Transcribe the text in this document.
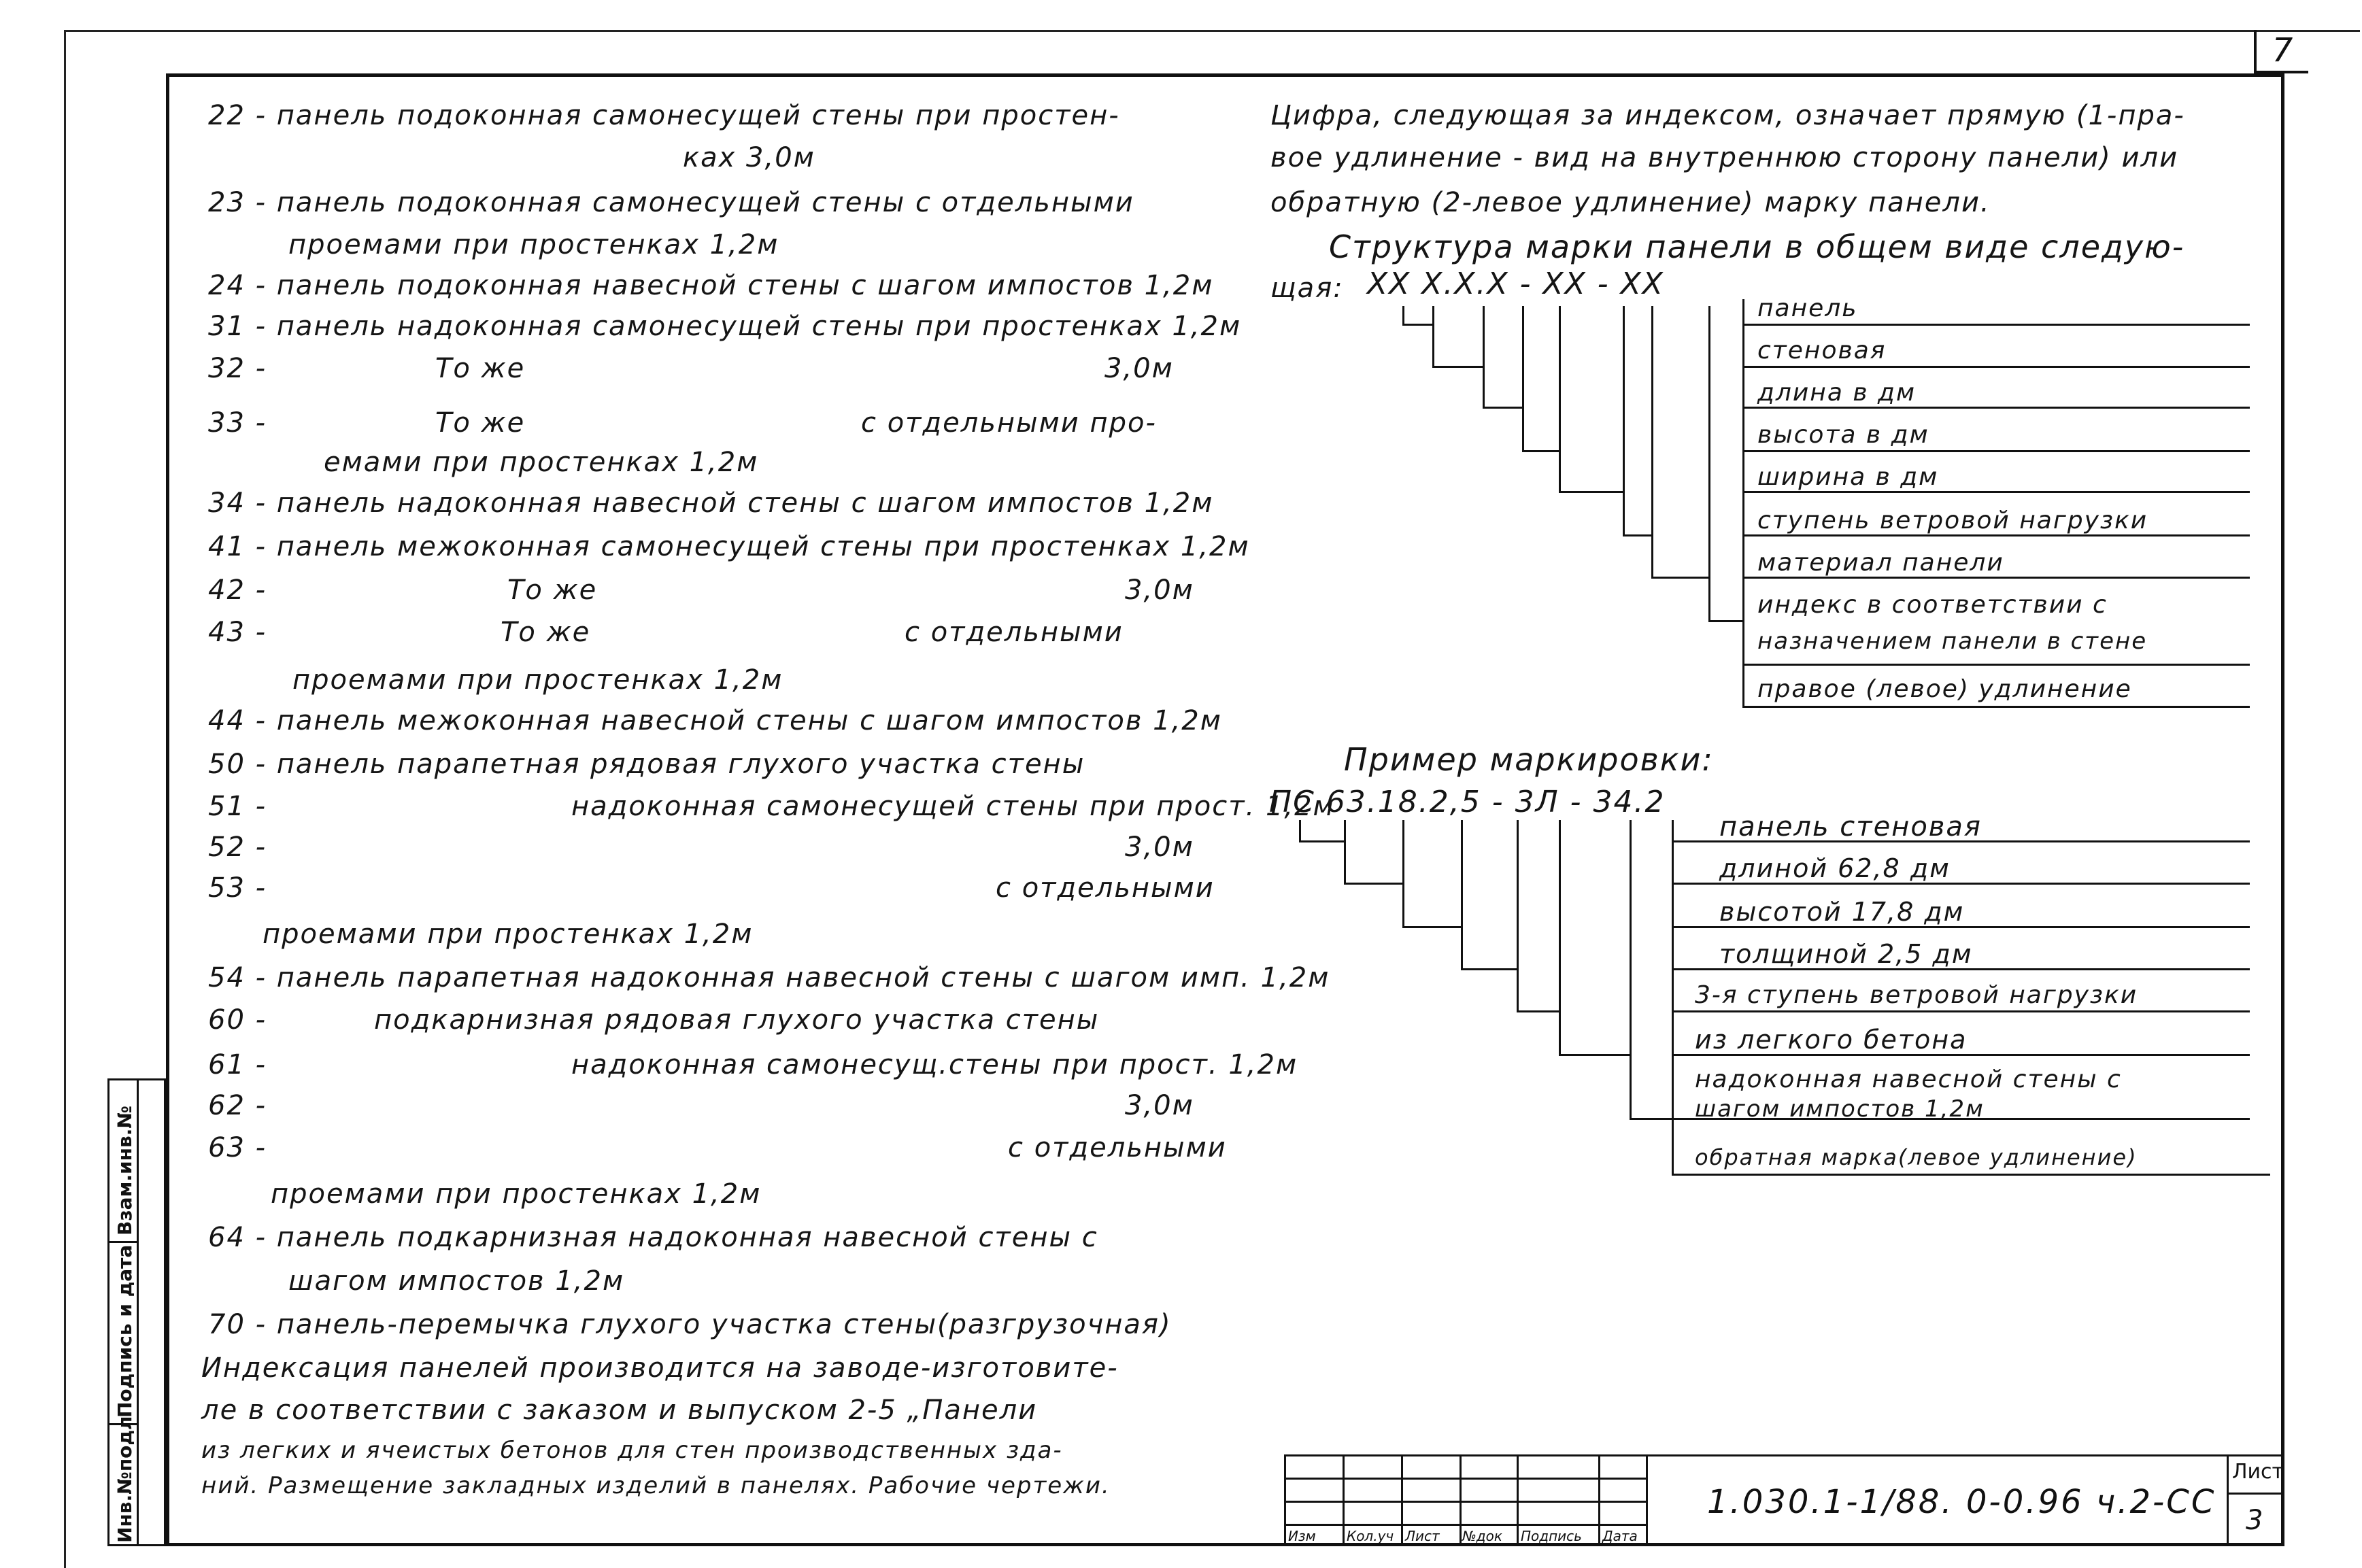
7
Инв.№подл
Подпись и дата
Взам.инв.№
22 - панель подоконная самонесущей стены при простен-
ках 3,0м
23 - панель подоконная самонесущей стены с отдельными
проемами при простенках 1,2м
24 - панель подоконная навесной стены с шагом импостов 1,2м
31 - панель надоконная самонесущей стены при простенках 1,2м
32 -	То же	3,0м
33 -	То же	с отдельными про-
емами при простенках 1,2м
34 - панель надоконная навесной стены с шагом импостов 1,2м
41 - панель межоконная самонесущей стены при простенках 1,2м
42 -	То же	3,0м
43 -	То же	с отдельными
проемами при простенках 1,2м
44 - панель межоконная навесной стены с шагом импостов 1,2м
50 - панель парапетная рядовая глухого участка стены
51 -	надоконная самонесущей стены при прост. 1,2м
52 -	3,0м
53 -	с отдельными
проемами при простенках 1,2м
54 - панель парапетная надоконная навесной стены с шагом имп. 1,2м
60 -	подкарнизная рядовая глухого участка стены
61 -	надоконная самонесущ.стены при прост. 1,2м
62 -	3,0м
63 -	с отдельными
проемами при простенках 1,2м
64 - панель подкарнизная надоконная навесной стены с
шагом импостов 1,2м
70 - панель-перемычка глухого участка стены(разгрузочная)
Индексация панелей производится на заводе-изготовите-
ле в соответствии с заказом и выпуском 2-5 „Панели
из легких и ячеистых бетонов для стен производственных зда-
ний. Размещение закладных изделий в панелях. Рабочие чертежи.
Цифра, следующая за индексом, означает прямую (1-пра-
вое удлинение - вид на внутреннюю сторону панели) или
обратную (2-левое удлинение) марку панели.
Структура марки панели в общем виде следую-
щая: XX X.X.X - XX - XX
панель
стеновая
длина в дм
высота в дм
ширина в дм
ступень ветровой нагрузки
материал панели
индекс в соответствии с
назначением панели в стене
правое (левое) удлинение
Пример маркировки:
ПС 63.18.2,5 - 3Л - 34.2
панель стеновая
длиной 62,8 дм
высотой 17,8 дм
толщиной 2,5 дм
3-я ступень ветровой нагрузки
из легкого бетона
надоконная навесной стены с
шагом импостов 1,2м
обратная марка(левое удлинение)
Изм Кол.уч Лист №док Подпись Дата
1.030.1-1/88. 0-0.96 ч.2-СС
Лист
3
